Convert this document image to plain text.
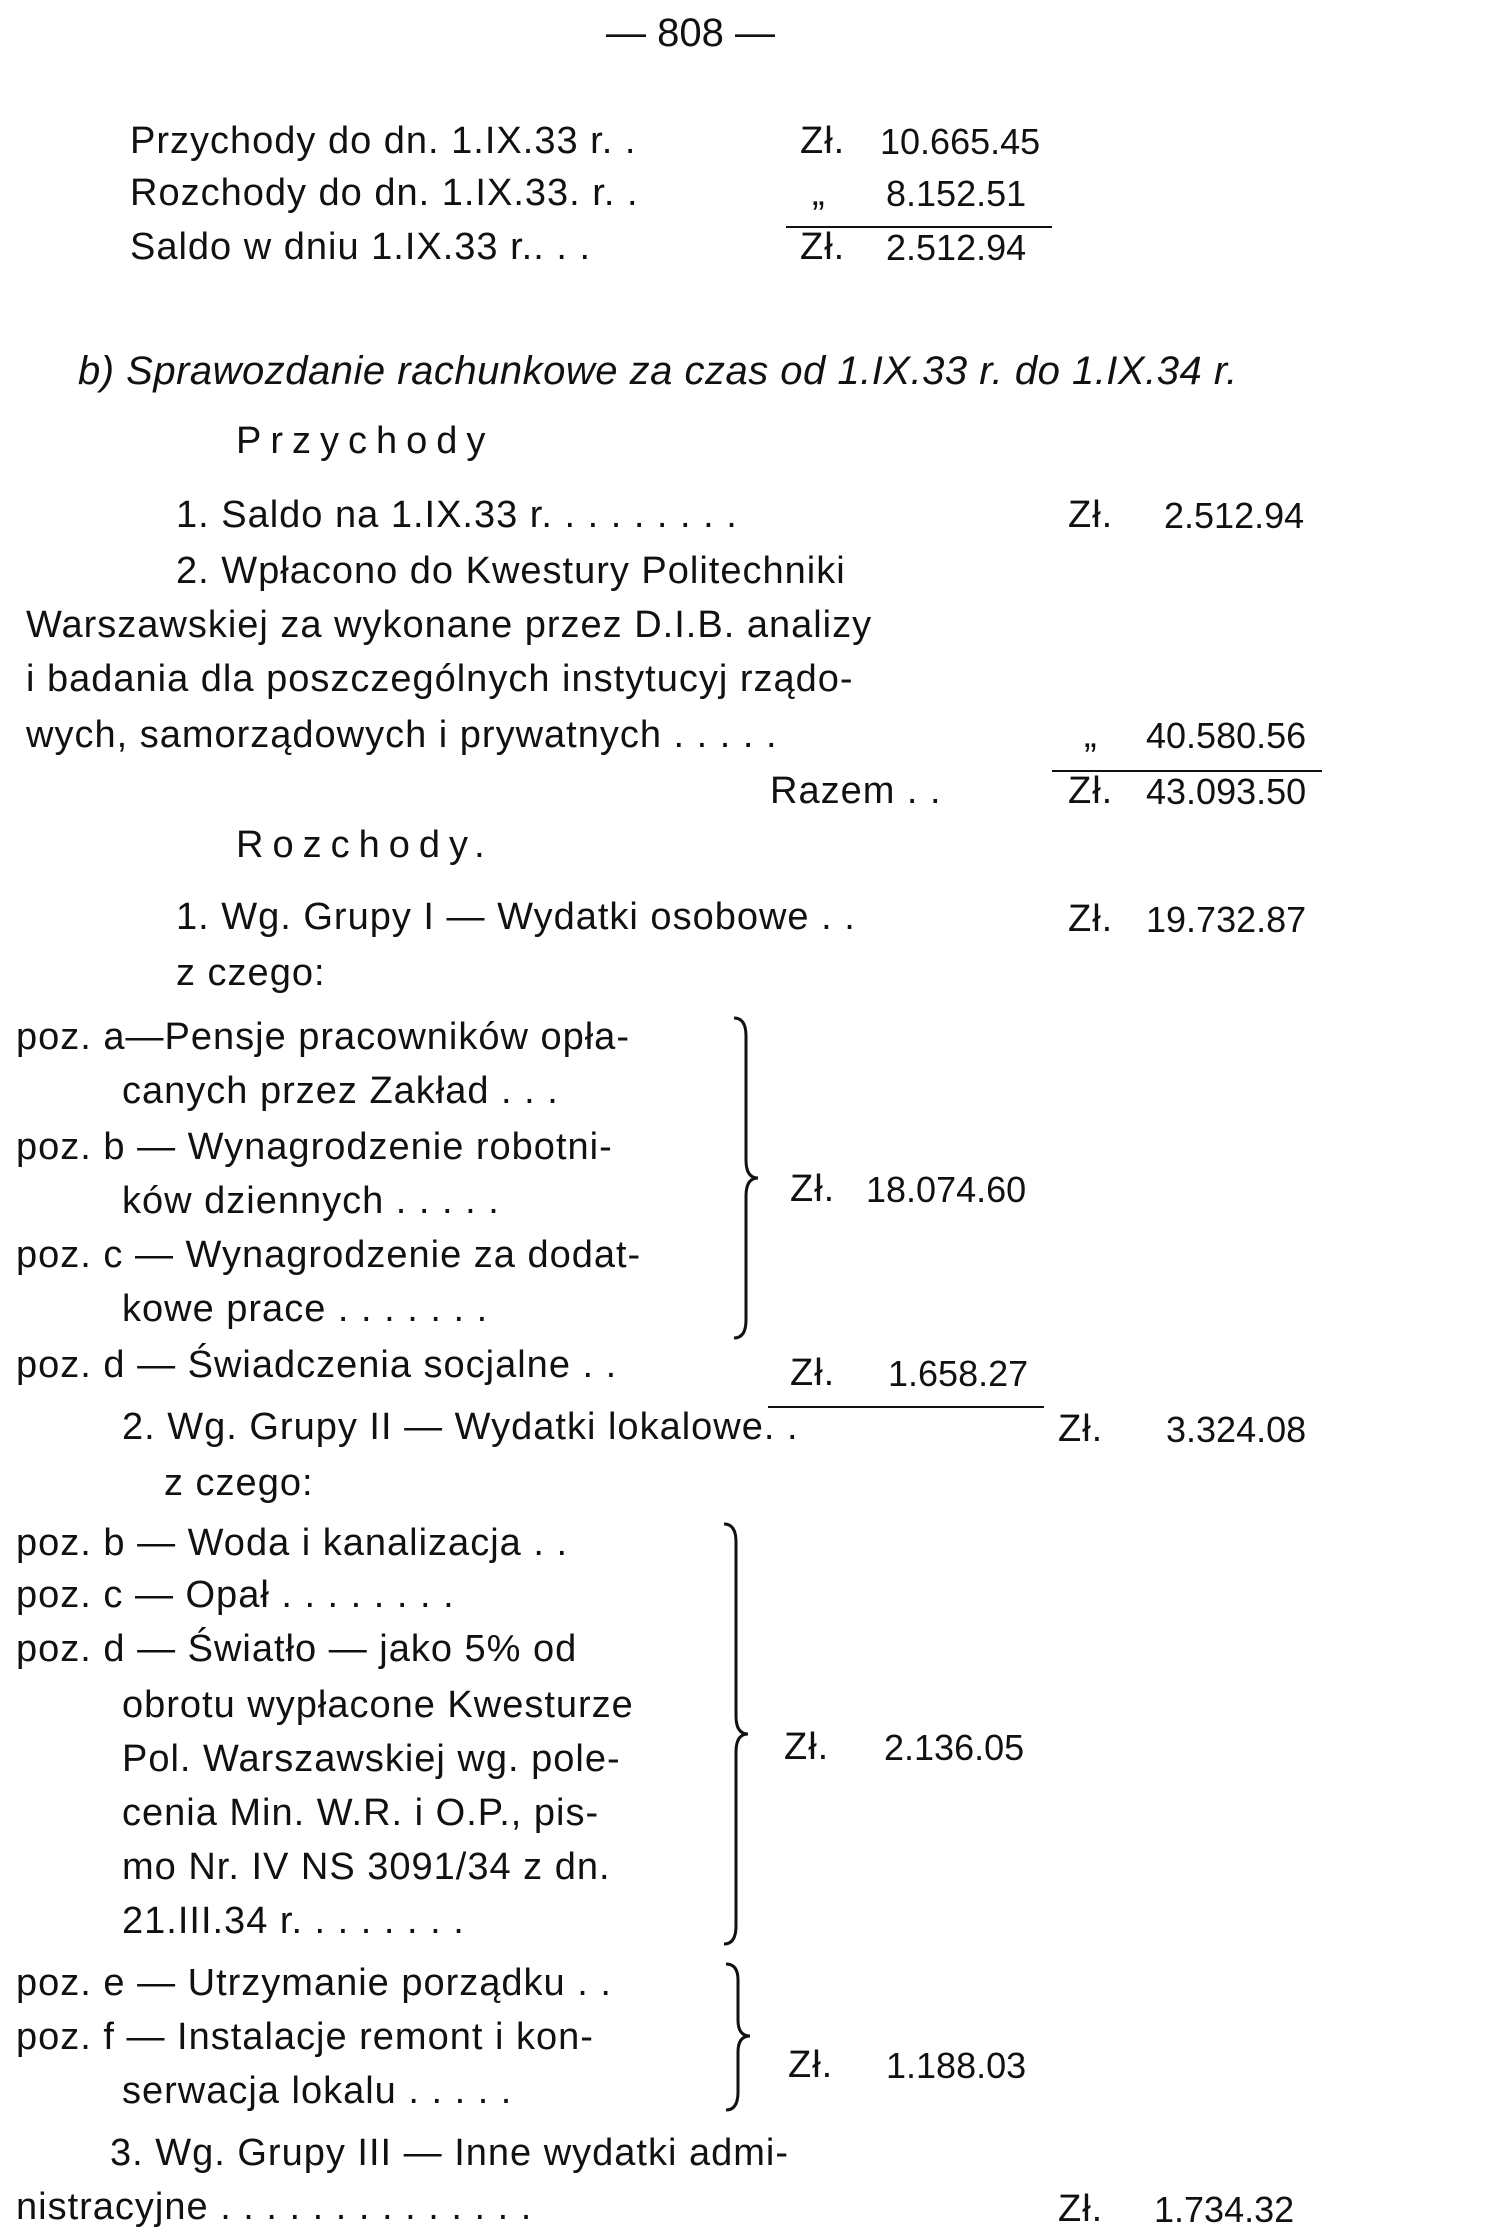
— 808 —
Przychody do dn. 1.IX.33 r. .	Zł. 10.665.45
Rozchody do dn. 1.IX.33. r. .	„ 8.152.51
Saldo w dniu 1.IX.33 r.. . .	Zł. 2.512.94
b) Sprawozdanie rachunkowe za czas od 1.IX.33 r. do 1.IX.34 r.
Przychody
1. Saldo na 1.IX.33 r. . . . . . . . .	Zł. 2.512.94
2. Wpłacono do Kwestury Politechniki
Warszawskiej za wykonane przez D.I.B. analizy
i badania dla poszczególnych instytucyj rządo-
wych, samorządowych i prywatnych . . . . .	„ 40.580.56
Razem . .	Zł. 43.093.50
Rozchody.
1. Wg. Grupy I — Wydatki osobowe . .	Zł. 19.732.87
z czego:
poz. a—Pensje pracowników opła-
canych przez Zakład . . .
poz. b — Wynagrodzenie robotni-
ków dziennych . . . . .
poz. c — Wynagrodzenie za dodat-
kowe prace . . . . . . .
Zł. 18.074.60
poz. d — Świadczenia socjalne . .	Zł. 1.658.27
2. Wg. Grupy II — Wydatki lokalowe. .	Zł. 3.324.08
z czego:
poz. b — Woda i kanalizacja . .
poz. c — Opał . . . . . . . .
poz. d — Światło — jako 5% od
obrotu wypłacone Kwesturze
Pol. Warszawskiej wg. pole-
cenia Min. W.R. i O.P., pis-
mo Nr. IV NS 3091/34 z dn.
21.III.34 r. . . . . . . .
Zł. 2.136.05
poz. e — Utrzymanie porządku . .
poz. f — Instalacje remont i kon-
serwacja lokalu . . . . .
Zł. 1.188.03
3. Wg. Grupy III — Inne wydatki admi-
nistracyjne . . . . . . . . . . . . . .	Zł. 1.734.32
